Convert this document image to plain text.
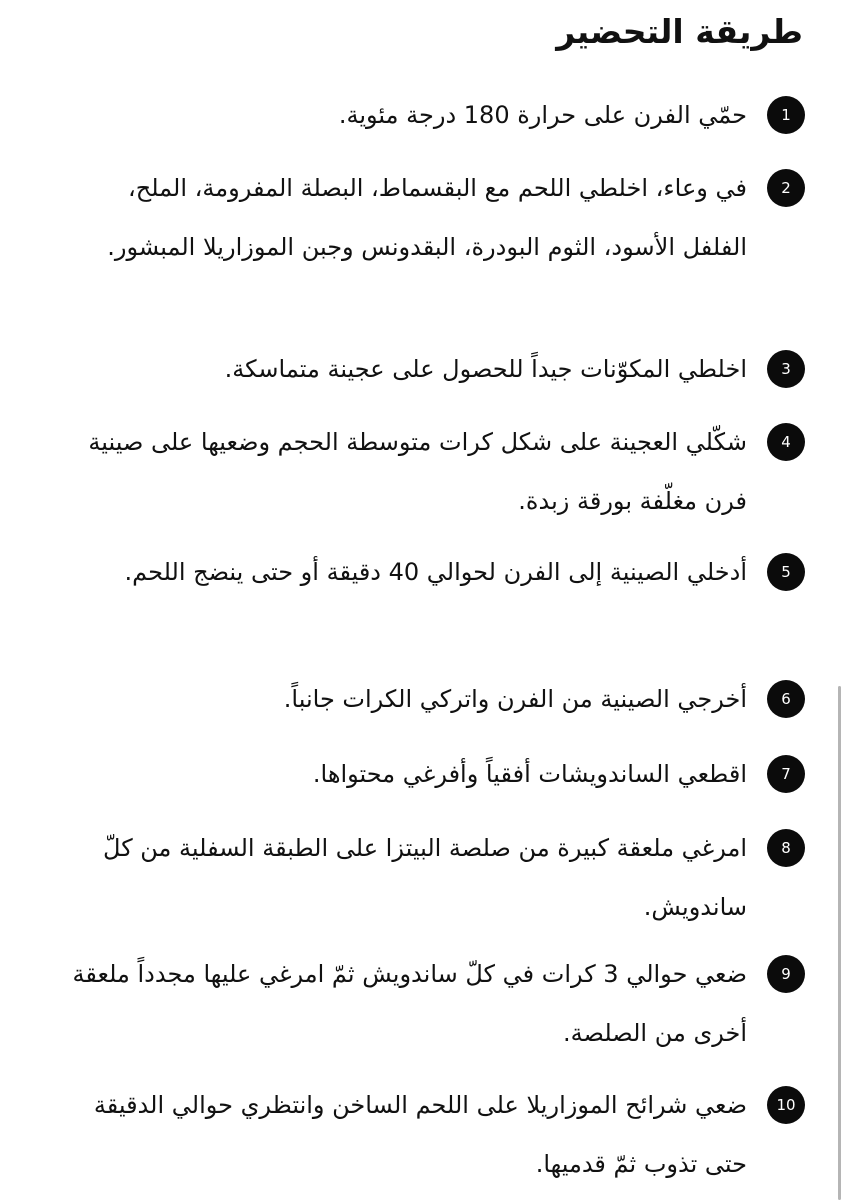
طريقة التحضير
1

حمّي الفرن على حرارة 180 درجة مئوية.

2

في وعاء، اخلطي اللحم مع البقسماط، البصلة المفرومة، الملح، الفلفل الأسود، الثوم البودرة، البقدونس وجبن الموزاريلا المبشور.

3

اخلطي المكوّنات جيداً للحصول على عجينة متماسكة.

4

شكّلي العجينة على شكل كرات متوسطة الحجم وضعيها على صينية فرن مغلّفة بورقة زبدة.

5

أدخلي الصينية إلى الفرن لحوالي 40 دقيقة أو حتى ينضج اللحم.

6

أخرجي الصينية من الفرن واتركي الكرات جانباً.

7

اقطعي الساندويشات أفقياً وأفرغي محتواها.

8

امرغي ملعقة كبيرة من صلصة البيتزا على الطبقة السفلية من كلّ ساندويش.

9

ضعي حوالي 3 كرات في كلّ ساندويش ثمّ امرغي عليها مجدداً ملعقة أخرى من الصلصة.

10

ضعي شرائح الموزاريلا على اللحم الساخن وانتظري حوالي الدقيقة حتى تذوب ثمّ قدميها.
